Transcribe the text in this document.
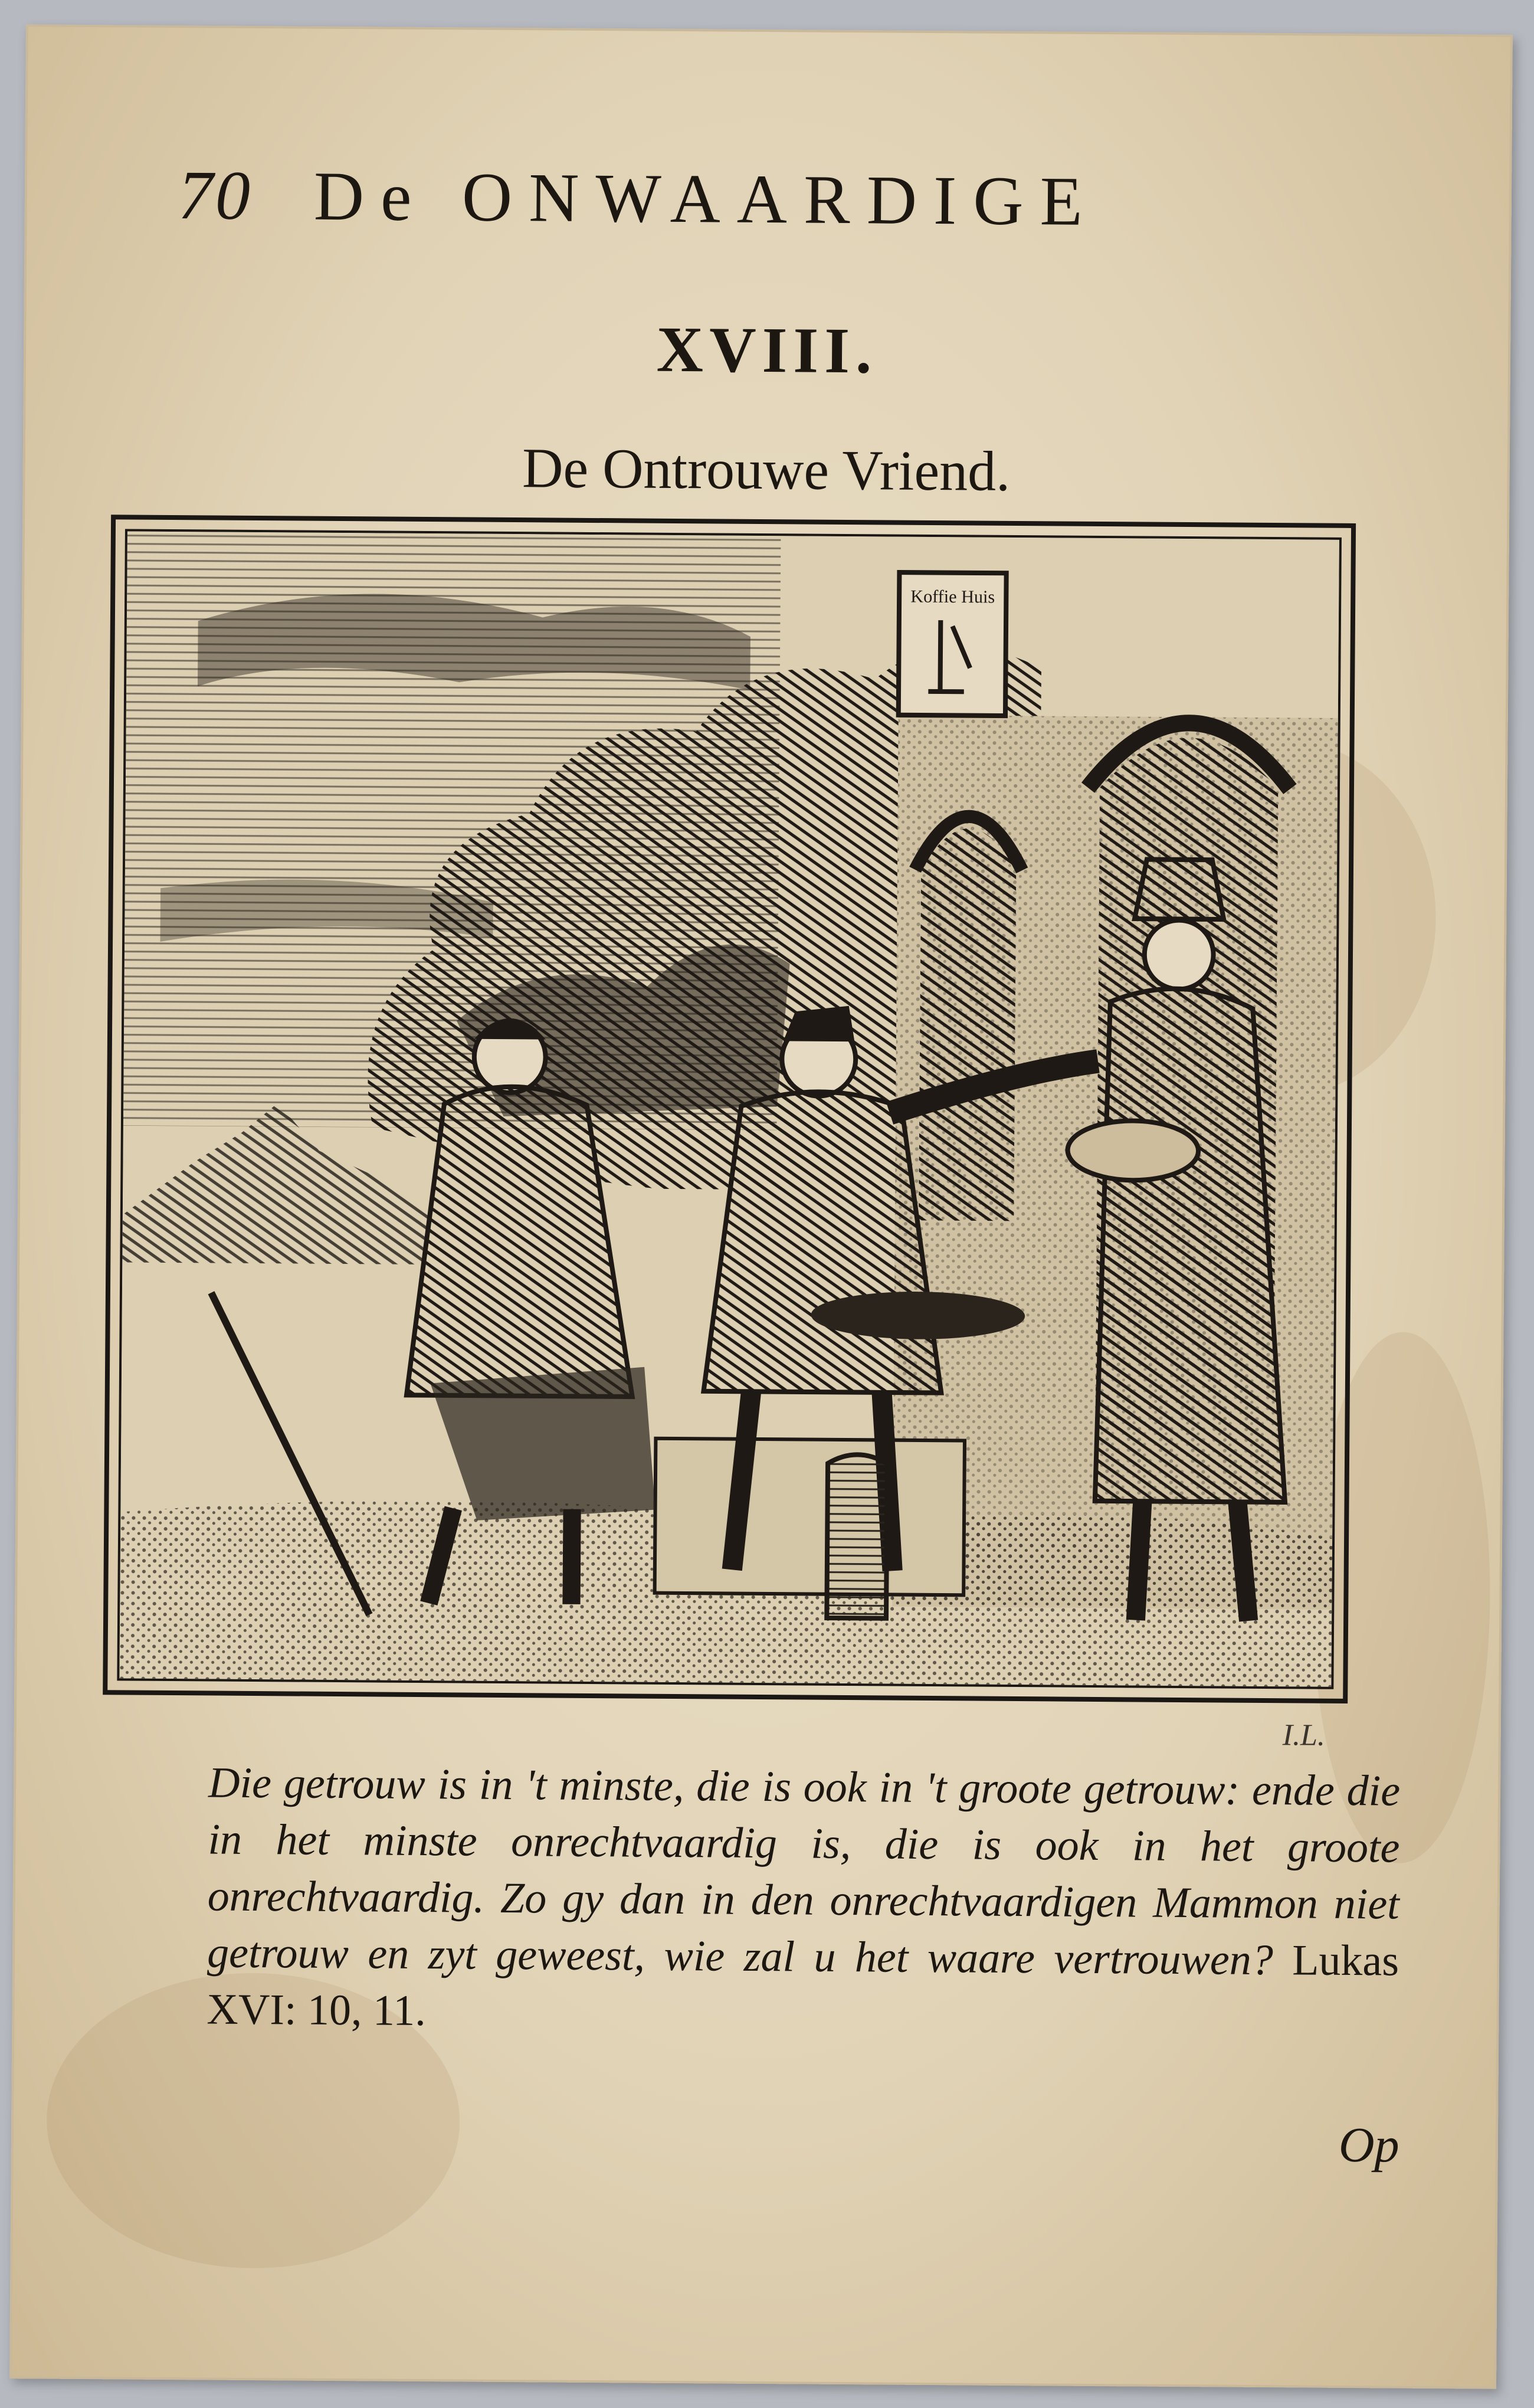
70 De ONWAARDIGE
XVIII.
De Ontrouwe Vriend.
Koffie Huis
I.L.
Die getrouw is in 't minste, die is ook in 't groote getrouw: ende die in het minste onrechtvaardig is, die is ook in het groote onrechtvaardig. Zo gy dan in den onrechtvaardigen Mammon niet getrouw en zyt geweest, wie zal u het waare vertrouwen? Lukas XVI: 10, 11.
Op
